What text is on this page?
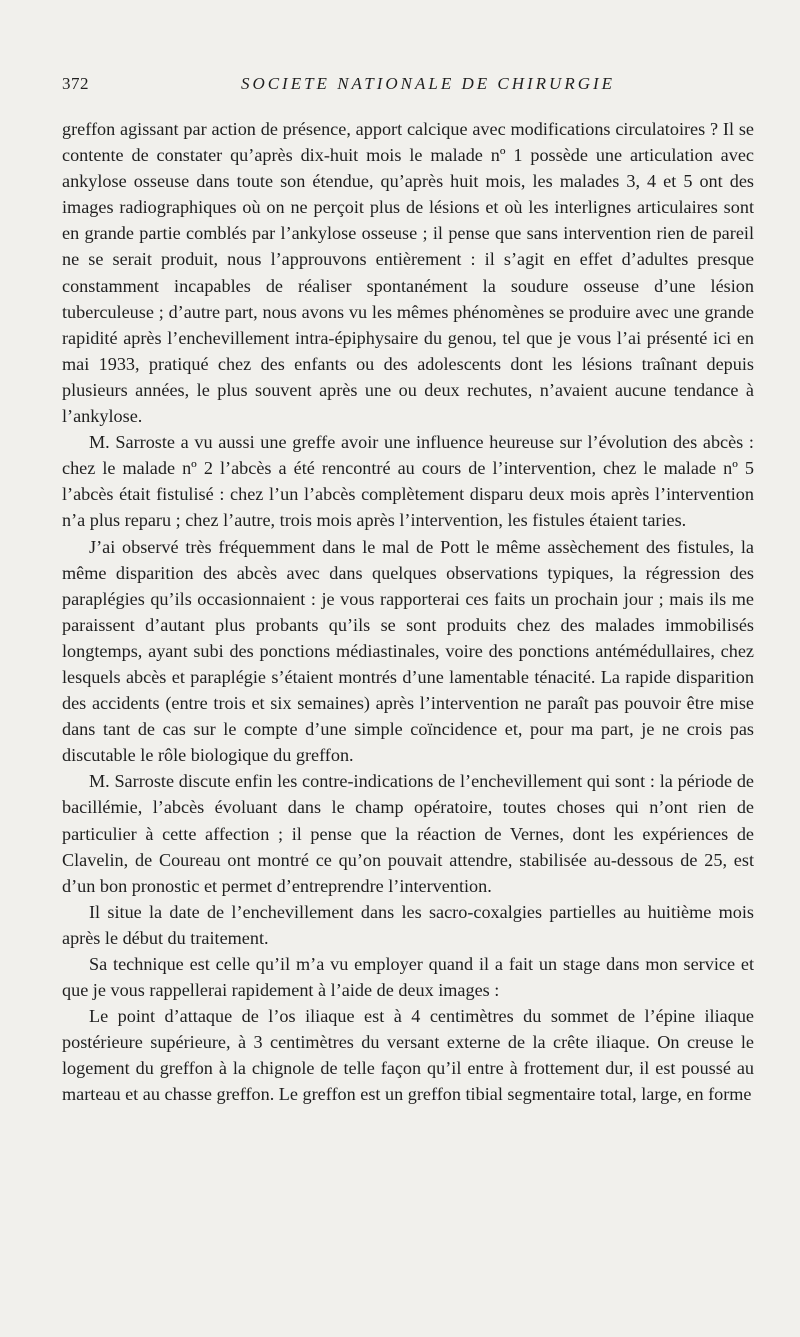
372	SOCIETE NATIONALE DE CHIRURGIE

greffon agissant par action de présence, apport calcique avec modifications circulatoires ? Il se contente de constater qu’après dix-huit mois le malade nº 1 possède une articulation avec ankylose osseuse dans toute son étendue, qu’après huit mois, les malades 3, 4 et 5 ont des images radiographiques où on ne perçoit plus de lésions et où les interlignes articulaires sont en grande partie comblés par l’ankylose osseuse ; il pense que sans intervention rien de pareil ne se serait produit, nous l’approuvons entièrement : il s’agit en effet d’adultes presque constamment incapables de réaliser spontanément la soudure osseuse d’une lésion tuberculeuse ; d’autre part, nous avons vu les mêmes phénomènes se produire avec une grande rapidité après l’enchevillement intra-épiphysaire du genou, tel que je vous l’ai présenté ici en mai 1933, pratiqué chez des enfants ou des adolescents dont les lésions traînant depuis plusieurs années, le plus souvent après une ou deux rechutes, n’avaient aucune tendance à l’ankylose.

M. Sarroste a vu aussi une greffe avoir une influence heureuse sur l’évolution des abcès : chez le malade nº 2 l’abcès a été rencontré au cours de l’intervention, chez le malade nº 5 l’abcès était fistulisé : chez l’un l’abcès complètement disparu deux mois après l’intervention n’a plus reparu ; chez l’autre, trois mois après l’intervention, les fistules étaient taries.

J’ai observé très fréquemment dans le mal de Pott le même assèchement des fistules, la même disparition des abcès avec dans quelques observations typiques, la régression des paraplégies qu’ils occasionnaient : je vous rapporterai ces faits un prochain jour ; mais ils me paraissent d’autant plus probants qu’ils se sont produits chez des malades immobilisés longtemps, ayant subi des ponctions médiastinales, voire des ponctions antémédullaires, chez lesquels abcès et paraplégie s’étaient montrés d’une lamentable ténacité. La rapide disparition des accidents (entre trois et six semaines) après l’intervention ne paraît pas pouvoir être mise dans tant de cas sur le compte d’une simple coïncidence et, pour ma part, je ne crois pas discutable le rôle biologique du greffon.

M. Sarroste discute enfin les contre-indications de l’enchevillement qui sont : la période de bacillémie, l’abcès évoluant dans le champ opératoire, toutes choses qui n’ont rien de particulier à cette affection ; il pense que la réaction de Vernes, dont les expériences de Clavelin, de Coureau ont montré ce qu’on pouvait attendre, stabilisée au-dessous de 25, est d’un bon pronostic et permet d’entreprendre l’intervention.

Il situe la date de l’enchevillement dans les sacro-coxalgies partielles au huitième mois après le début du traitement.

Sa technique est celle qu’il m’a vu employer quand il a fait un stage dans mon service et que je vous rappellerai rapidement à l’aide de deux images :

Le point d’attaque de l’os iliaque est à 4 centimètres du sommet de l’épine iliaque postérieure supérieure, à 3 centimètres du versant externe de la crête iliaque. On creuse le logement du greffon à la chignole de telle façon qu’il entre à frottement dur, il est poussé au marteau et au chasse greffon. Le greffon est un greffon tibial segmentaire total, large, en forme
